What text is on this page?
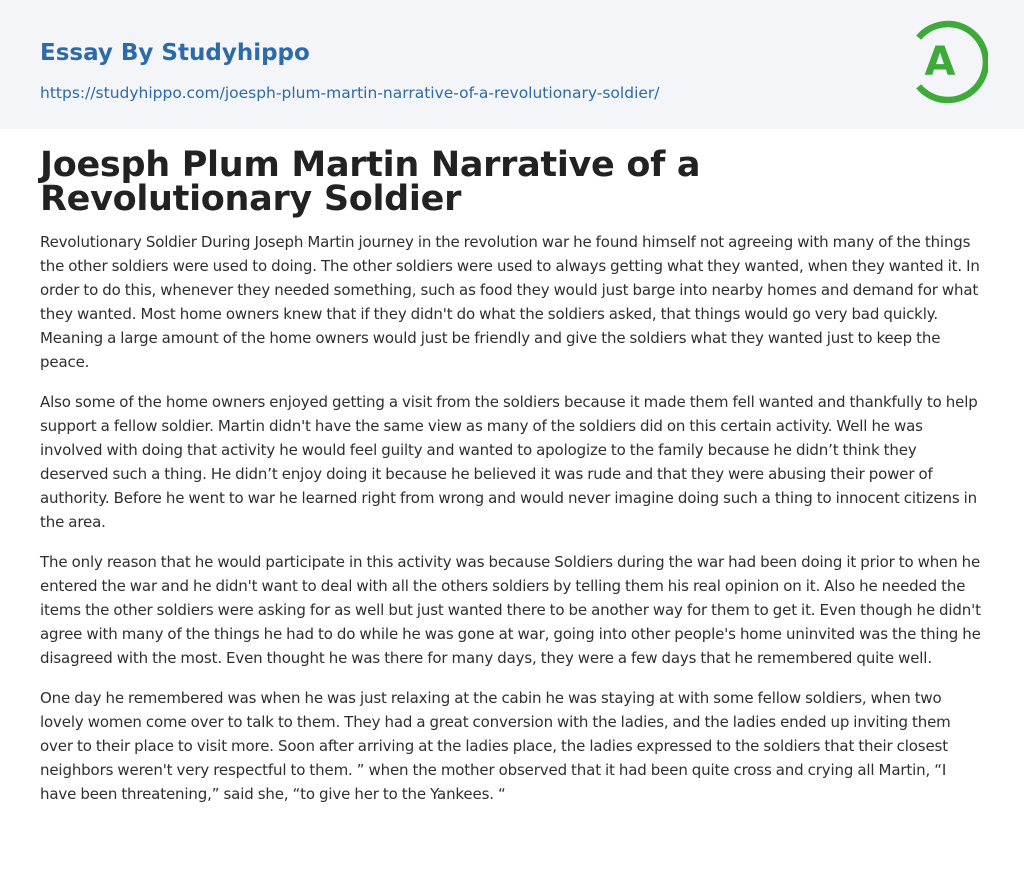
Essay By Studyhippo
https://studyhippo.com/joesph-plum-martin-narrative-of-a-revolutionary-soldier/
A
Joesph Plum Martin Narrative of a Revolutionary Soldier

Revolutionary Soldier During Joseph Martin journey in the revolution war he found himself not agreeing with many of the things the other soldiers were used to doing. The other soldiers were used to always getting what they wanted, when they wanted it. In order to do this, whenever they needed something, such as food they would just barge into nearby homes and demand for what they wanted. Most home owners knew that if they didn't do what the soldiers asked, that things would go very bad quickly. Meaning a large amount of the home owners would just be friendly and give the soldiers what they wanted just to keep the peace.

Also some of the home owners enjoyed getting a visit from the soldiers because it made them fell wanted and thankfully to help support a fellow soldier. Martin didn't have the same view as many of the soldiers did on this certain activity. Well he was involved with doing that activity he would feel guilty and wanted to apologize to the family because he didn’t think they deserved such a thing. He didn’t enjoy doing it because he believed it was rude and that they were abusing their power of authority. Before he went to war he learned right from wrong and would never imagine doing such a thing to innocent citizens in the area.

The only reason that he would participate in this activity was because Soldiers during the war had been doing it prior to when he entered the war and he didn't want to deal with all the others soldiers by telling them his real opinion on it. Also he needed the items the other soldiers were asking for as well but just wanted there to be another way for them to get it. Even though he didn't agree with many of the things he had to do while he was gone at war, going into other people's home uninvited was the thing he disagreed with the most. Even thought he was there for many days, they were a few days that he remembered quite well.

One day he remembered was when he was just relaxing at the cabin he was staying at with some fellow soldiers, when two lovely women come over to talk to them. They had a great conversion with the ladies, and the ladies ended up inviting them over to their place to visit more. Soon after arriving at the ladies place, the ladies expressed to the soldiers that their closest neighbors weren't very respectful to them. ” when the mother observed that it had been quite cross and crying all Martin, “I have been threatening,” said she, “to give her to the Yankees. “
